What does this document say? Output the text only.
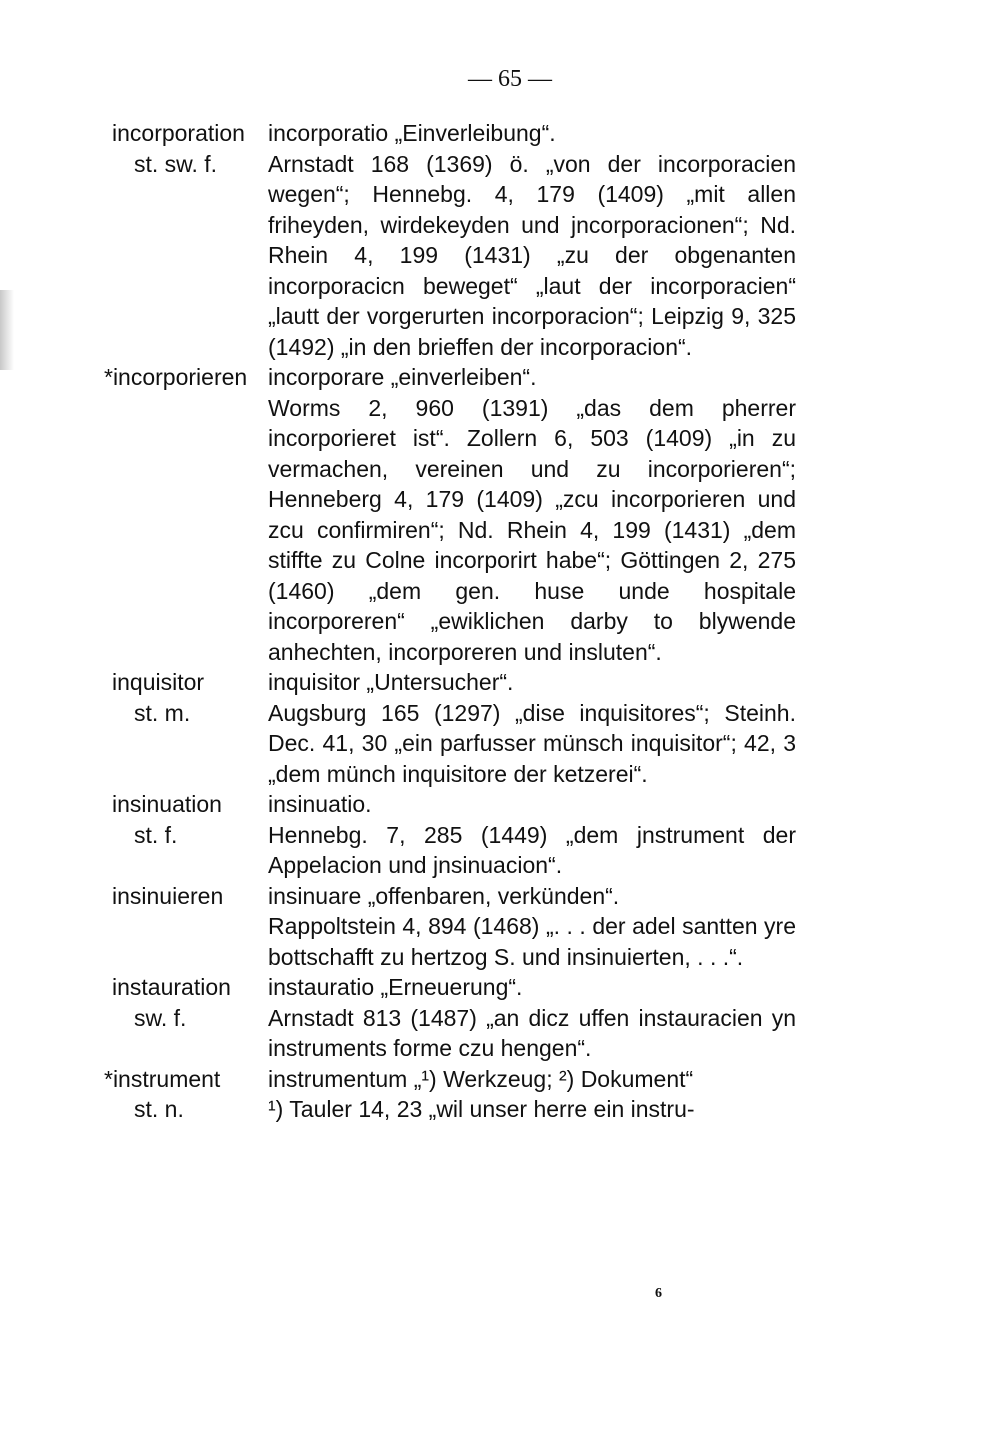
— 65 —
incorporation
st. sw. f.

incorporatio „Einverleibung“.

Arnstadt 168 (1369) ö. „von der incorporacien wegen“; Hennebg. 4, 179 (1409) „mit allen friheyden, wirdekeyden und jncorporacionen“; Nd. Rhein 4, 199 (1431) „zu der obgenanten incorporacicn beweget“ „laut der incorporacien“ „lautt der vorgerurten incorporacion“; Leipzig 9, 325 (1492) „in den brieffen der incorporacion“.

*incorporieren incorporare „einverleiben“.

Worms 2, 960 (1391) „das dem pherrer incorporieret ist“. Zollern 6, 503 (1409) „in zu vermachen, vereinen und zu incorporieren“; Henneberg 4, 179 (1409) „zcu incorporieren und zcu confirmiren“; Nd. Rhein 4, 199 (1431) „dem stiffte zu Colne incorporirt habe“; Göttingen 2, 275 (1460) „dem gen. huse unde hospitale incorporeren“ „ewiklichen darby to blywende anhechten, incorporeren und insluten“.

inquisitor
st. m.

inquisitor „Untersucher“.

Augsburg 165 (1297) „dise inquisitores“; Steinh. Dec. 41, 30 „ein parfusser münsch inquisitor“; 42, 3 „dem münch inquisitore der ketzerei“.

insinuation
st. f.

insinuatio.

Hennebg. 7, 285 (1449) „dem jnstrument der Appelacion und jnsinuacion“.

insinuieren	insinuare „offenbaren, verkünden“.

Rappoltstein 4, 894 (1468) „. . . der adel santten yre bottschafft zu hertzog S. und insinuierten, . . .“.

instauration
sw. f.

instauratio „Erneuerung“.

Arnstadt 813 (1487) „an dicz uffen instauracien yn instruments forme czu hengen“.

*instrument
st. n.

instrumentum „¹) Werkzeug; ²) Dokument“

¹) Tauler 14, 23 „wil unser herre ein instru-

6
